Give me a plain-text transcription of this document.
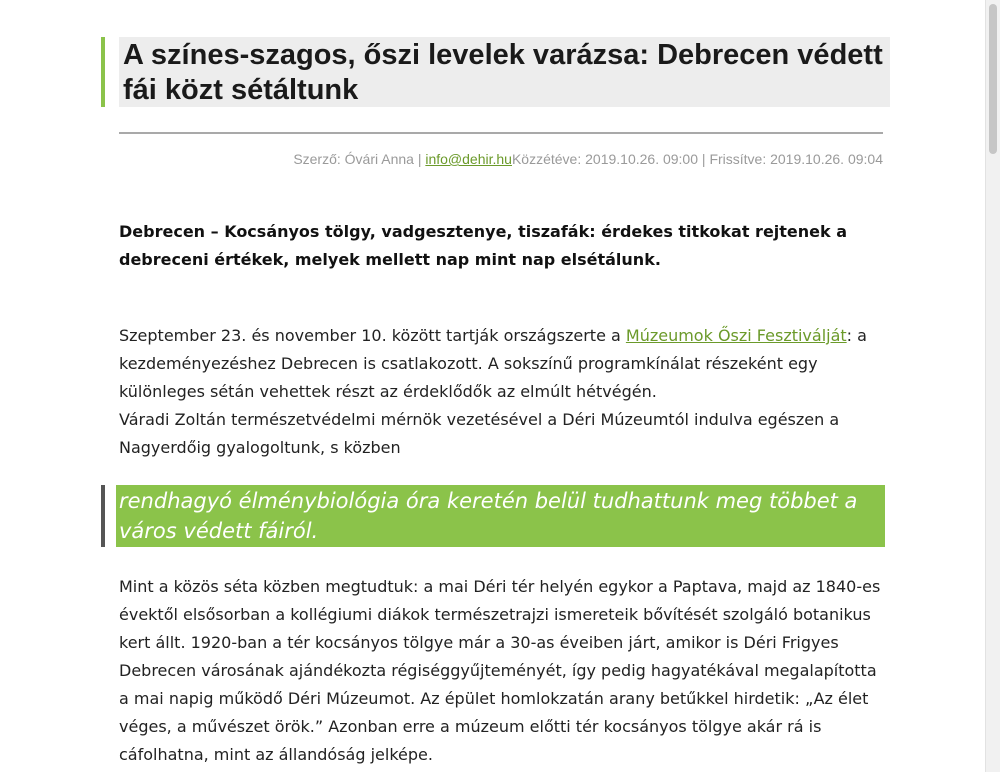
A színes-szagos, őszi levelek varázsa: Debrecen védett fái közt sétáltunk
Szerző: Óvári Anna | info@dehir.huKözzétéve: 2019.10.26. 09:00 | Frissítve: 2019.10.26. 09:04

Debrecen – Kocsányos tölgy, vadgesztenye, tiszafák: érdekes titkokat rejtenek a debreceni értékek, melyek mellett nap mint nap elsétálunk.

Szeptember 23. és november 10. között tartják országszerte a Múzeumok Őszi Fesztiválját: a kezdeményezéshez Debrecen is csatlakozott. A sokszínű programkínálat részeként egy különleges sétán vehettek részt az érdeklődők az elmúlt hétvégén.
Váradi Zoltán természetvédelmi mérnök vezetésével a Déri Múzeumtól indulva egészen a Nagyerdőig gyalogoltunk, s közben

rendhagyó élménybiológia óra keretén belül tudhattunk meg többet a város védett fáiról.

Mint a közös séta közben megtudtuk: a mai Déri tér helyén egykor a Paptava, majd az 1840-es évektől elsősorban a kollégiumi diákok természetrajzi ismereteik bővítését szolgáló botanikus kert állt. 1920-ban a tér kocsányos tölgye már a 30-as éveiben járt, amikor is Déri Frigyes Debrecen városának ajándékozta régiséggyűjteményét, így pedig hagyatékával megalapította a mai napig működő Déri Múzeumot. Az épület homlokzatán arany betűkkel hirdetik: „Az élet véges, a művészet örök.” Azonban erre a múzeum előtti tér kocsányos tölgye akár rá is cáfolhatna, mint az állandóság jelképe.
